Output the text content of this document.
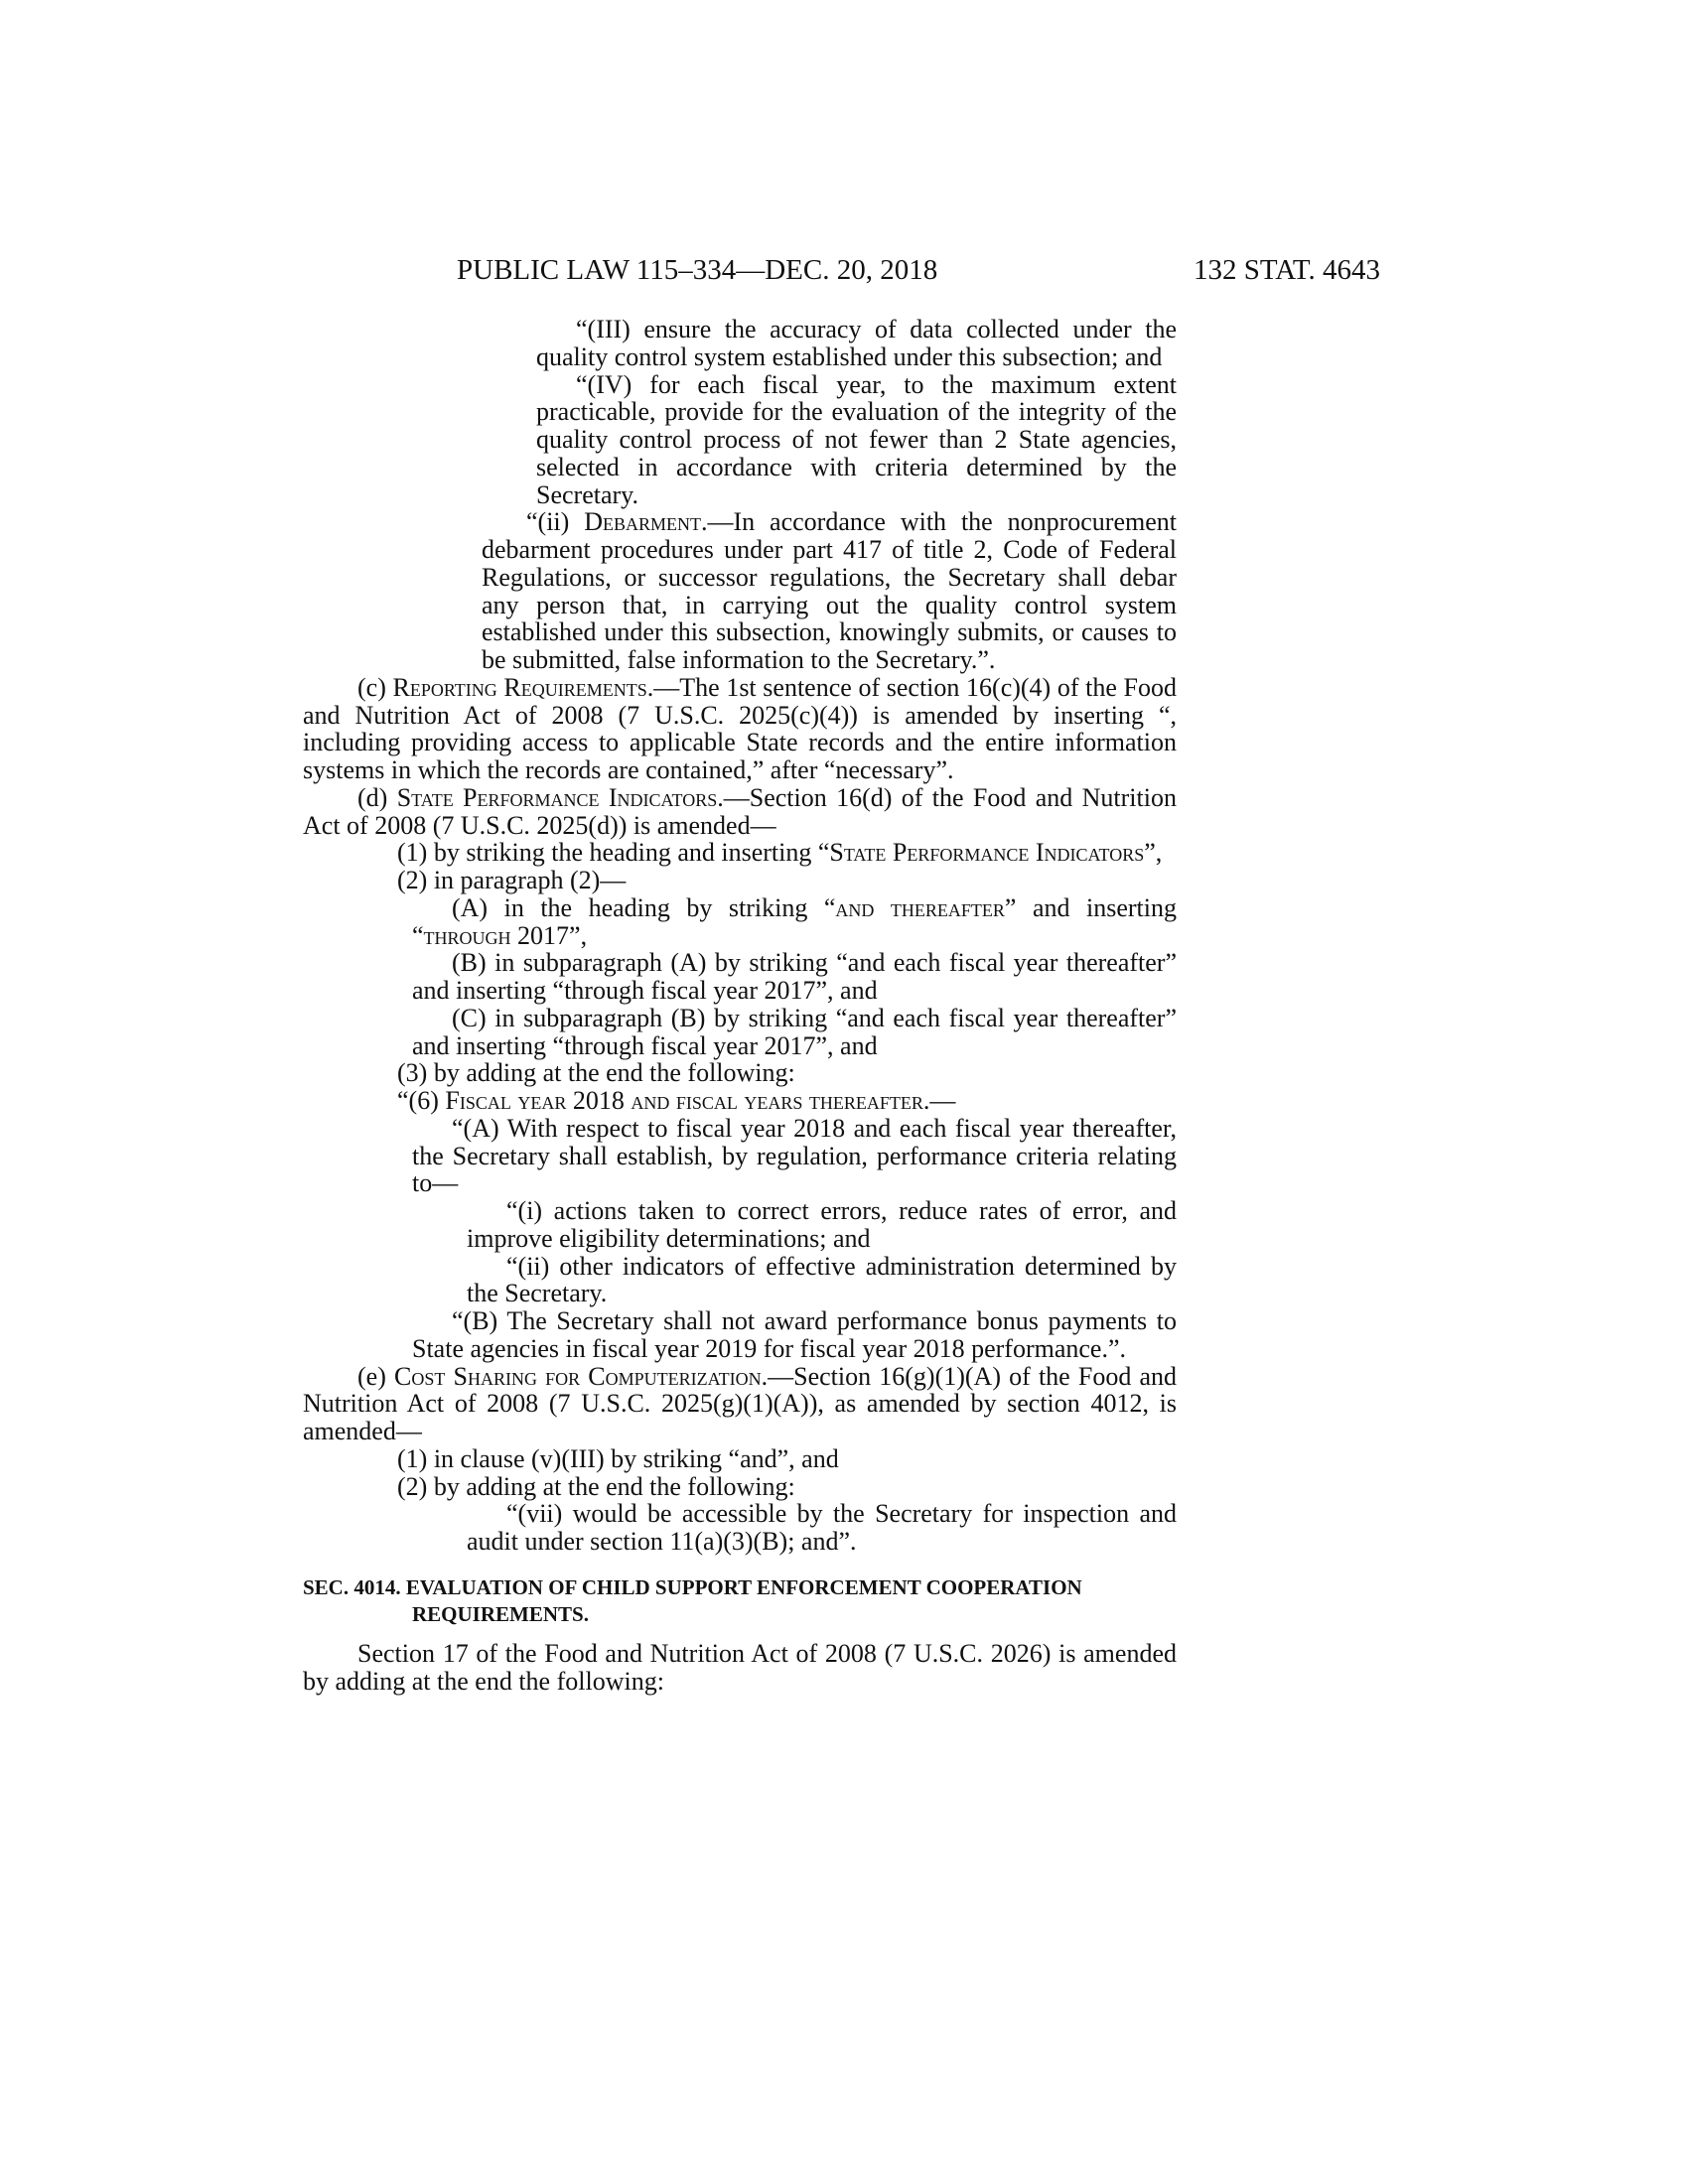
PUBLIC LAW 115–334—DEC. 20, 2018	132 STAT. 4643

“(III) ensure the accuracy of data collected under the quality control system established under this subsection; and

“(IV) for each fiscal year, to the maximum extent practicable, provide for the evaluation of the integrity of the quality control process of not fewer than 2 State agencies, selected in accordance with criteria determined by the Secretary.

“(ii) Debarment.—In accordance with the nonprocurement debarment procedures under part 417 of title 2, Code of Federal Regulations, or successor regulations, the Secretary shall debar any person that, in carrying out the quality control system established under this subsection, knowingly submits, or causes to be submitted, false information to the Secretary.”.

(c) Reporting Requirements.—The 1st sentence of section 16(c)(4) of the Food and Nutrition Act of 2008 (7 U.S.C. 2025(c)(4)) is amended by inserting “, including providing access to applicable State records and the entire information systems in which the records are contained,” after “necessary”.

(d) State Performance Indicators.—Section 16(d) of the Food and Nutrition Act of 2008 (7 U.S.C. 2025(d)) is amended—

(1) by striking the heading and inserting “State Performance Indicators”,

(2) in paragraph (2)—

(A) in the heading by striking “and thereafter” and inserting “through 2017”,

(B) in subparagraph (A) by striking “and each fiscal year thereafter” and inserting “through fiscal year 2017”, and

(C) in subparagraph (B) by striking “and each fiscal year thereafter” and inserting “through fiscal year 2017”, and

(3) by adding at the end the following:

“(6) Fiscal year 2018 and fiscal years thereafter.—

“(A) With respect to fiscal year 2018 and each fiscal year thereafter, the Secretary shall establish, by regulation, performance criteria relating to—

“(i) actions taken to correct errors, reduce rates of error, and improve eligibility determinations; and

“(ii) other indicators of effective administration determined by the Secretary.

“(B) The Secretary shall not award performance bonus payments to State agencies in fiscal year 2019 for fiscal year 2018 performance.”.

(e) Cost Sharing for Computerization.—Section 16(g)(1)(A) of the Food and Nutrition Act of 2008 (7 U.S.C. 2025(g)(1)(A)), as amended by section 4012, is amended—

(1) in clause (v)(III) by striking “and”, and

(2) by adding at the end the following:

“(vii) would be accessible by the Secretary for inspection and audit under section 11(a)(3)(B); and”.

SEC. 4014. EVALUATION OF CHILD SUPPORT ENFORCEMENT COOPERATION REQUIREMENTS.

Section 17 of the Food and Nutrition Act of 2008 (7 U.S.C. 2026) is amended by adding at the end the following:
